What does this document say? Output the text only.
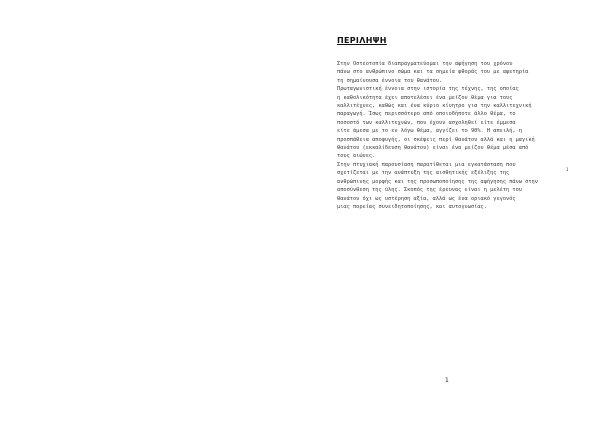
ΠΕΡΙΛΗΨΗ
Στην Οστεοτοπία διαπραγματεύομαι την αφήγηση του χρόνου
πάνω στο ανθρώπινο σώμα και τα σημεία φθοράς του με αφετηρία
τη σημαίνουσα έννοια του θανάτου.
Πρωταγωνιστική έννοια στην ιστορία της τέχνης, της οποίας
η καθολικότητα έχει αποτελέσει ένα μείζον θέμα για τους
καλλιτέχνες, καθώς και ένα κύριο κίνητρο για την καλλιτεχνική
παραγωγή. Ίσως περισσότερο από οποιοδήποτε άλλο θέμα, το
ποσοστό των καλλιτεχνών, που έχουν ασχοληθεί είτε έμμεσα
είτε άμεσα με το εν λόγω θέμα, αγγίζει το 90%. Η απειλή, η
προσπάθεια αποφυγής, οι σκέψεις περί θανάτου αλλά και η μαγική
θανάτου (εκκαλίδευση θανάτου) είναι ένα μείζον θέμα μέσα από
τους αιώνες.
Στην πτυχιακή παρουσίαση παρατίθεται μια εγκατάσταση που
σχετίζεται με την ανάπτυξη της αισθητικής εξέλιξης της
ανθρώπινης μορφής και της προσωποποίησης της αφήγησης πάνω στην
αποσύνθεση της ύλης. Σκοπός της έρευνας είναι η μελέτη του
θανάτου όχι ως υστέρηση αξία, αλλά ως ένα οριακό γεγονός
μιας πορείας συνειδητοποίησης, και αυτογνωσίας.
1
1
